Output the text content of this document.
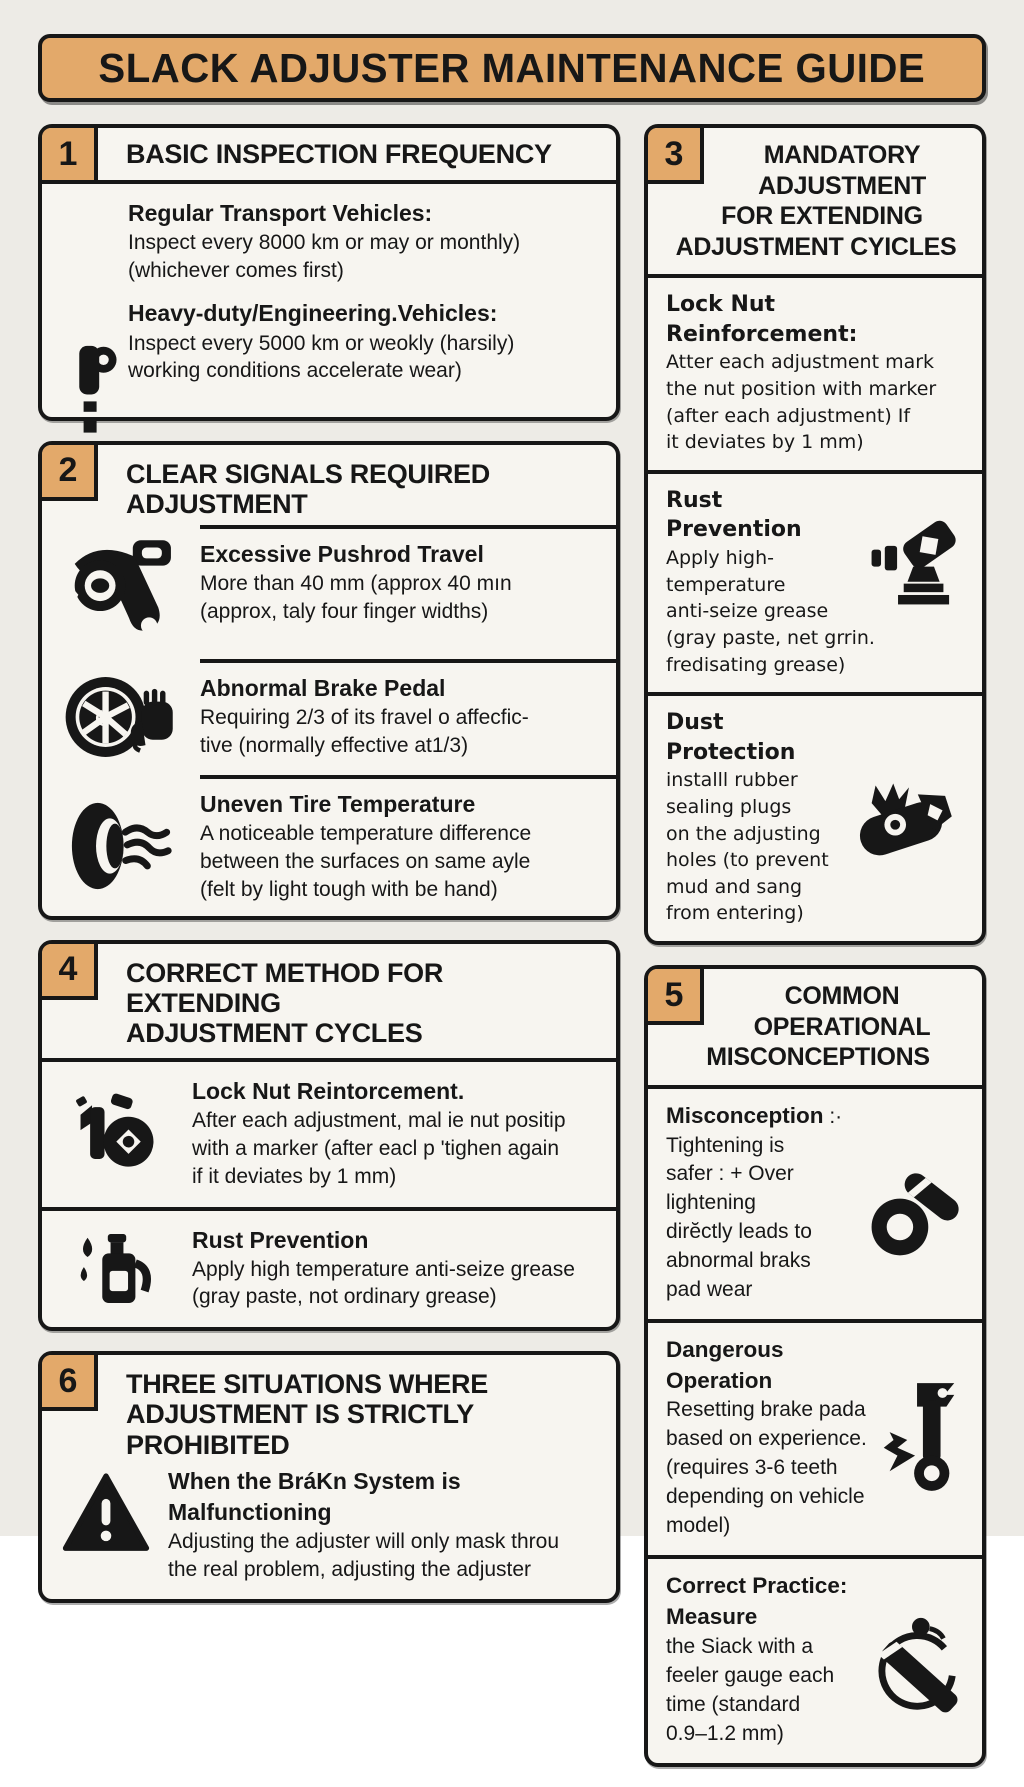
SLACK ADJUSTER MAINTENANCE GUIDE
1	BASIC INSPECTION FREQUENCY
Regular Transport Vehicles:
Inspect every 8000 km or may or monthly)
(whichever comes first)
Heavy-duty/Engineering.Vehicles:
Inspect every 5000 km or weokly (harsily)
working conditions accelerate wear)
2	CLEAR SIGNALS REQUIRED
ADJUSTMENT
Excessive Pushrod Travel
More than 40 mm (approx 40 mın
(approx, taly four finger widths)
Abnormal Brake Pedal
Requiring 2/3 of its fravel o affecfic-
tive (normally effective at1/3)
Uneven Tire Temperature
A noticeable temperature difference
between the surfaces on same ayle
(felt by light tough with be hand)
4	CORRECT METHOD FOR EXTENDING
ADJUSTMENT CYCLES
Lock Nut Reintorcement.
After each adjustment, mal ie nut positip
with a marker (after eacl p 'tighen again
if it deviates by 1 mm)
Rust Prevention
Apply high temperature anti-seize grease
(gray paste, not ordinary grease)
6	THREE SITUATIONS WHERE
ADJUSTMENT IS STRICTLY PROHIBITED
When the BráKn System is Malfunctioning
Adjusting the adjuster will only mask throu
the real problem, adjusting the adjuster
3	MANDATORY
ADJUSTMENT
FOR EXTENDING
ADJUSTMENT CYICLES
Lock Nut Reinforcement:
Atter each adjustment mark
the nut position with marker
(after each adjustment) If
it deviates by 1 mm)
Rust Prevention
Apply high-temperature
anti-seize grease
(gray paste, net grrin.
fredisating grease)
Dust Protection
installl rubber sealing plugs
on the adjusting
holes (to prevent
mud and sang
from entering)
5	COMMON
OPERATIONAL
MISCONCEPTIONS
Misconception :· Tightening is
safer : + Over lightening
dirĕctly leads to
abnormal braks
pad wear
Dangerous Operation
Resetting brake pada
based on experience.
(requires 3-6 teeth
depending on vehicle
model)
Correct Practice: Measure
the Siack with a
feeler gauge each
time (standard
0.9–1.2 mm)
